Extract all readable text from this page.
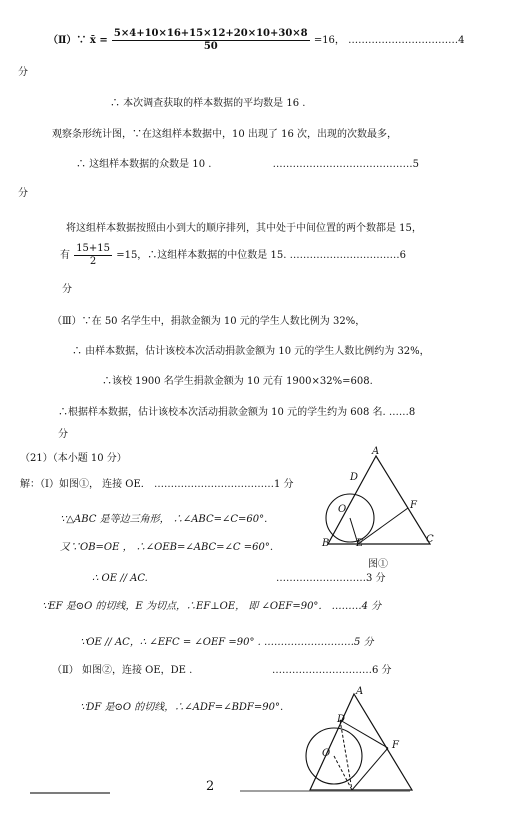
（Ⅱ）∵ x̄ = $\frac{5\times 4+10\times 16+15\times 12+20\times 10+30\times 8}{50} =16$， ……………………………4
分
∴ 本次调查获取的样本数据的平均数是 16 .
观察条形统计图，∵在这组样本数据中，10 出现了 16 次，出现的次数最多，
∴ 这组样本数据的众数是 10 .	……………………………………5
分
将这组样本数据按照由小到大的顺序排列，其中处于中间位置的两个数都是 15，
有 $\frac{15+15}{2} =15$，∴这组样本数据的中位数是 15. ……………………………6
分
（Ⅲ）∵在 50 名学生中，捐款金额为 10 元的学生人数比例为 32%，
∴ 由样本数据，估计该校本次活动捐款金额为 10 元的学生人数比例约为 32%，
∴该校 1900 名学生捐款金额为 10 元有 1900×32%=608.
∴根据样本数据，估计该校本次活动捐款金额为 10 元的学生约为 608 名. ……8
分
（21）（本小题 10 分）
解：（Ⅰ）如图①， 连接 OE． ………………………………1 分
∵△ABC 是等边三角形， ∴∠ABC=∠C=60°.
又∵OB=OE ， ∴∠OEB=∠ABC=∠C =60°.
∴ OE // AC.	………………………3 分
∵EF 是⊙O 的切线，E 为切点，∴EF⊥OE， 即 ∠OEF=90°． ………4 分
∵OE // AC，∴ ∠EFC = ∠OEF =90° . ………………………5 分
（Ⅱ） 如图②，连接 OE，DE .	…………………………6 分
∵DF 是⊙O 的切线，∴∠ADF=∠BDF=90°.
A
D
O	F
B	E	C
图①
A
D
O
F
2
